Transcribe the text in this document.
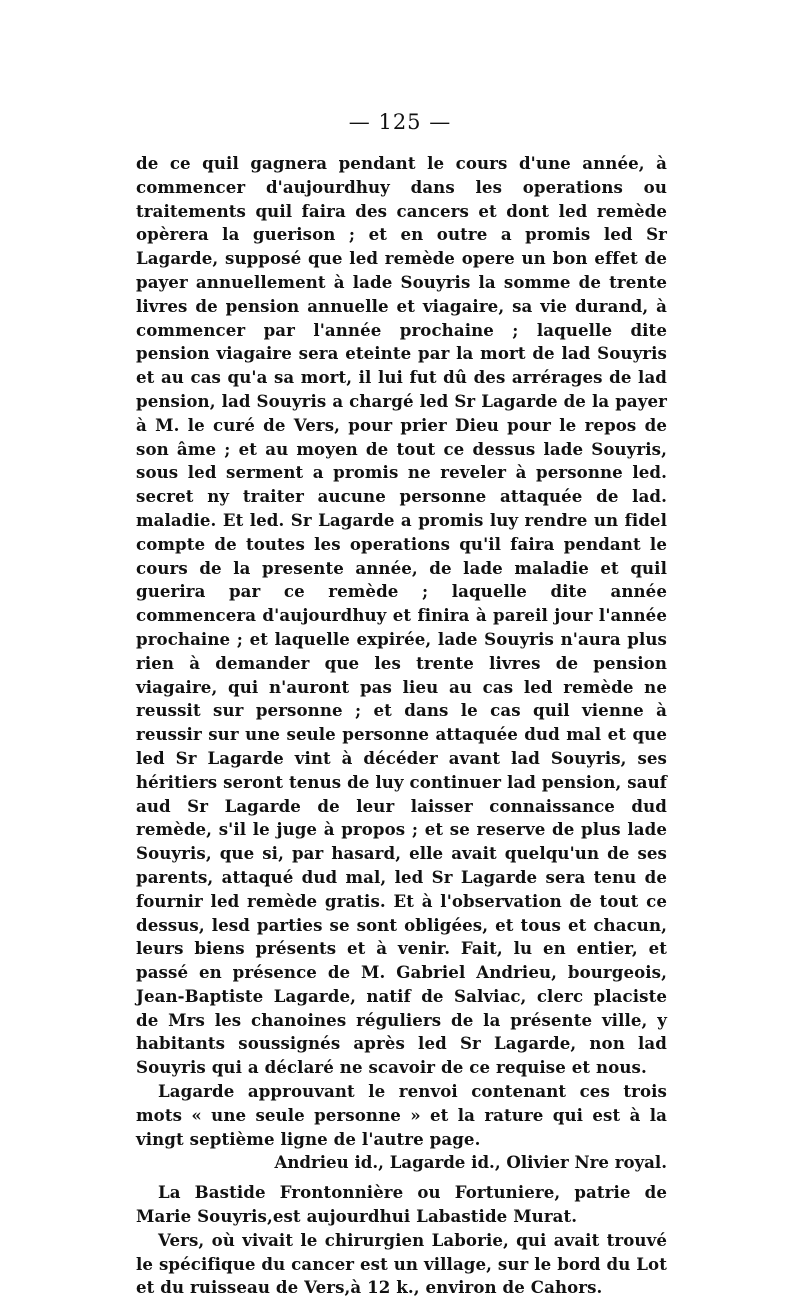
— 125 —

de ce quil gagnera pendant le cours d'une année, à commencer d'aujourdhuy dans les operations ou traitements quil faira des cancers et dont led remède opèrera la guerison ; et en outre a promis led Sr Lagarde, supposé que led remède opere un bon effet de payer annuellement à lade Souyris la somme de trente livres de pension annuelle et viagaire, sa vie durand, à commencer par l'année prochaine ; laquelle dite pension viagaire sera eteinte par la mort de lad Souyris et au cas qu'a sa mort, il lui fut dû des arrérages de lad pension, lad Souyris a chargé led Sr Lagarde de la payer à M. le curé de Vers, pour prier Dieu pour le repos de son âme ; et au moyen de tout ce dessus lade Souyris, sous led serment a promis ne reveler à personne led. secret ny traiter aucune personne attaquée de lad. maladie. Et led. Sr Lagarde a promis luy rendre un fidel compte de toutes les operations qu'il faira pendant le cours de la presente année, de lade maladie et quil guerira par ce remède ; laquelle dite année commencera d'aujourdhuy et finira à pareil jour l'année prochaine ; et laquelle expirée, lade Souyris n'aura plus rien à demander que les trente livres de pension viagaire, qui n'auront pas lieu au cas led remède ne reussit sur personne ; et dans le cas quil vienne à reussir sur une seule personne attaquée dud mal et que led Sr Lagarde vint à décéder avant lad Souyris, ses héritiers seront tenus de luy continuer lad pension, sauf aud Sr Lagarde de leur laisser connaissance dud remède, s'il le juge à propos ; et se reserve de plus lade Souyris, que si, par hasard, elle avait quelqu'un de ses parents, attaqué dud mal, led Sr Lagarde sera tenu de fournir led remède gratis. Et à l'observation de tout ce dessus, lesd parties se sont obligées, et tous et chacun, leurs biens présents et à venir. Fait, lu en entier, et passé en présence de M. Gabriel Andrieu, bourgeois, Jean-Baptiste Lagarde, natif de Salviac, clerc placiste de Mrs les chanoines réguliers de la présente ville, y habitants soussignés après led Sr Lagarde, non lad Souyris qui a déclaré ne scavoir de ce requise et nous.

Lagarde approuvant le renvoi contenant ces trois mots « une seule personne » et la rature qui est à la vingt septième ligne de l'autre page.

Andrieu id., Lagarde id., Olivier Nre royal.

La Bastide Frontonnière ou Fortuniere, patrie de Marie Souyris,est aujourdhui Labastide Murat.

Vers, où vivait le chirurgien Laborie, qui avait trouvé le spécifique du cancer est un village, sur le bord du Lot et du ruisseau de Vers,à 12 k., environ de Cahors.
